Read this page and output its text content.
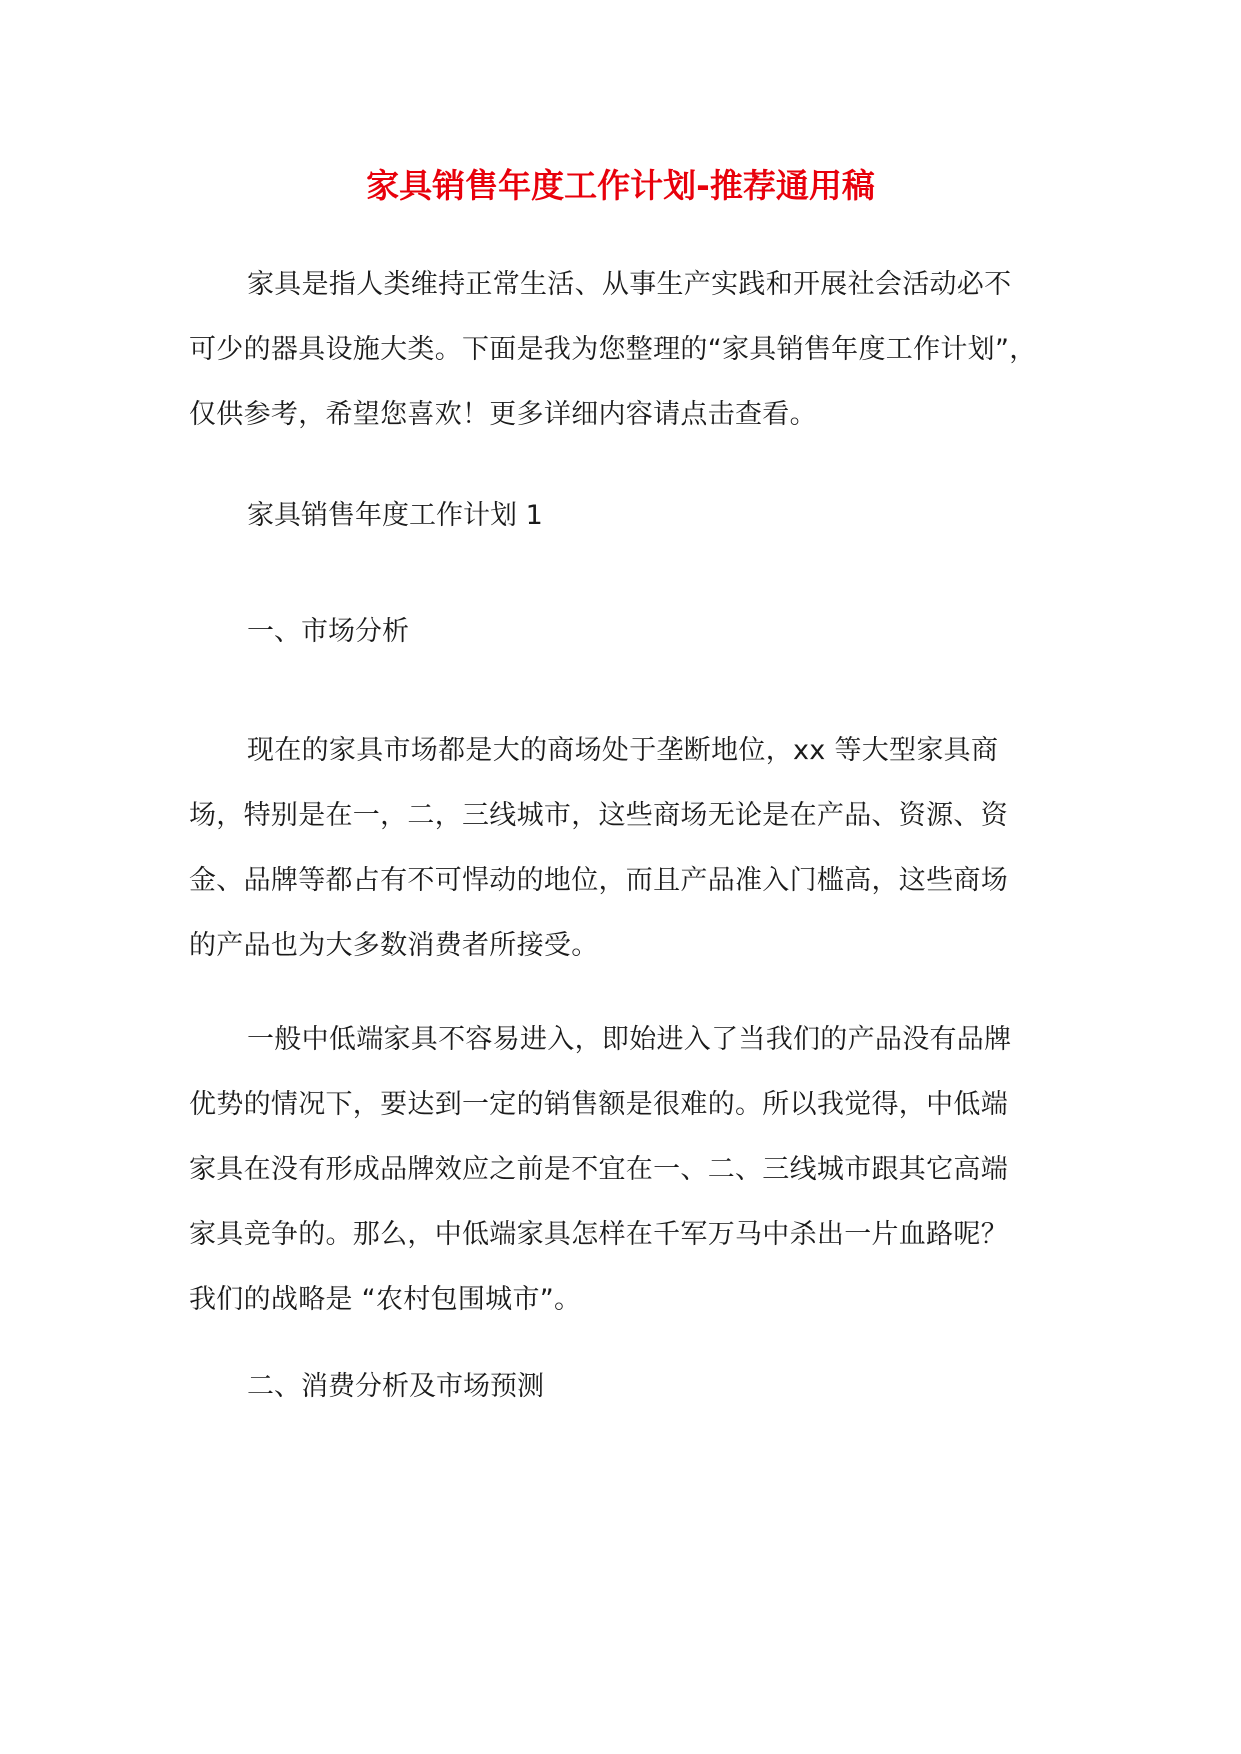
家具销售年度工作计划-推荐通用稿
家具是指人类维持正常生活、从事生产实践和开展社会活动必不
可少的器具设施大类。下面是我为您整理的“家具销售年度工作计划”，
仅供参考，希望您喜欢！更多详细内容请点击查看。
家具销售年度工作计划 1
一、市场分析
现在的家具市场都是大的商场处于垄断地位，xx 等大型家具商
场，特别是在一，二，三线城市，这些商场无论是在产品、资源、资
金、品牌等都占有不可悍动的地位，而且产品准入门槛高，这些商场
的产品也为大多数消费者所接受。
一般中低端家具不容易进入，即始进入了当我们的产品没有品牌
优势的情况下，要达到一定的销售额是很难的。所以我觉得，中低端
家具在没有形成品牌效应之前是不宜在一、二、三线城市跟其它高端
家具竞争的。那么，中低端家具怎样在千军万马中杀出一片血路呢？
我们的战略是 “农村包围城市”。
二、消费分析及市场预测
